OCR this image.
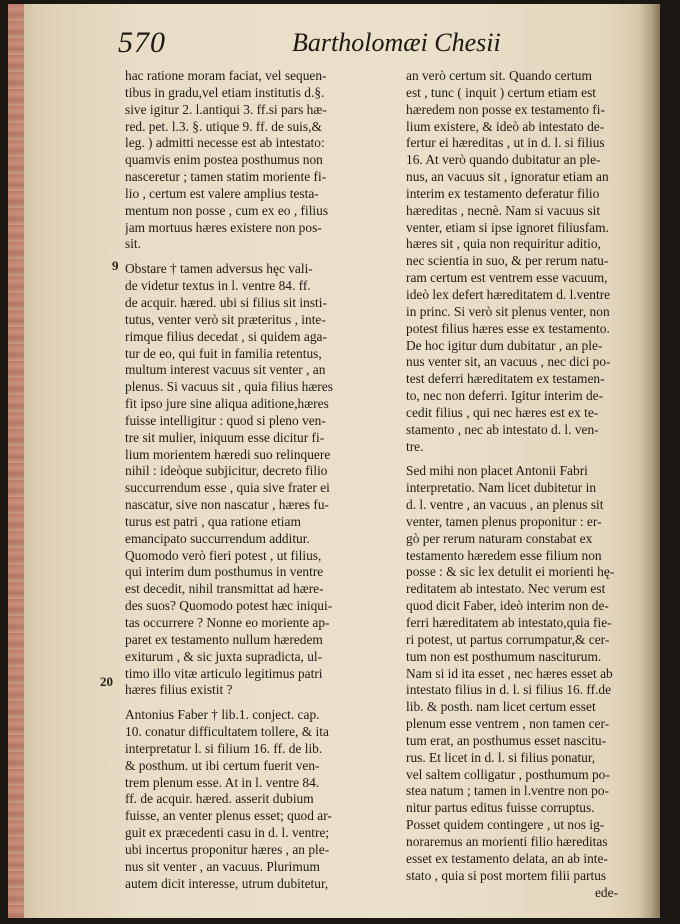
570	Bartholomæi Chesii
9
20
hac ratione moram faciat, vel sequen-
tibus in gradu,vel etiam institutis d.§.
sive igitur 2. l.antiqui 3. ff.si pars hæ-
red. pet. l.3. §. utique 9. ff. de suis,&
leg. ) admitti necesse est ab intestato:
quamvis enim postea posthumus non
nasceretur ; tamen statim moriente fi-
lio , certum est valere amplius testa-
mentum non posse , cum ex eo , filius
jam mortuus hæres existere non pos-
sit.
Obstare † tamen adversus hęc vali-
de videtur textus in l. ventre 84. ff.
de acquir. hæred. ubi si filius sit insti-
tutus, venter verò sit præteritus , inte-
rimque filius decedat , si quidem aga-
tur de eo, qui fuit in familia retentus,
multum interest vacuus sit venter , an
plenus. Si vacuus sit , quia filius hæres
fit ipso jure sine aliqua aditione,hæres
fuisse intelligitur : quod si pleno ven-
tre sit mulier, iniquum esse dicitur fi-
lium morientem hæredi suo relinquere
nihil : ideòque subjicitur, decreto filio
succurrendum esse , quia sive frater ei
nascatur, sive non nascatur , hæres fu-
turus est patri , qua ratione etiam
emancipato succurrendum additur.
Quomodo verò fieri potest , ut filius,
qui interim dum posthumus in ventre
est decedit, nihil transmittat ad hære-
des suos? Quomodo potest hæc iniqui-
tas occurrere ? Nonne eo moriente ap-
paret ex testamento nullum hæredem
exiturum , & sic juxta supradicta, ul-
timo illo vitæ articulo legitimus patri
hæres filius existit ?
Antonius Faber † lib.1. conject. cap.
10. conatur difficultatem tollere, & ita
interpretatur l. si filium 16. ff. de lib.
& posthum. ut ibi certum fuerit ven-
trem plenum esse. At in l. ventre 84.
ff. de acquir. hæred. asserit dubium
fuisse, an venter plenus esset; quod ar-
guit ex præcedenti casu in d. l. ventre;
ubi incertus proponitur hæres , an ple-
nus sit venter , an vacuus. Plurimum
autem dicit interesse, utrum dubitetur,
an verò certum sit. Quando certum
est , tunc ( inquit ) certum etiam est
hæredem non posse ex testamento fi-
lium existere, & ideò ab intestato de-
fertur ei hæreditas , ut in d. l. si filius
16. At verò quando dubitatur an ple-
nus, an vacuus sit , ignoratur etiam an
interim ex testamento deferatur filio
hæreditas , necnè. Nam si vacuus sit
venter, etiam si ipse ignoret filiusfam.
hæres sit , quia non requiritur aditio,
nec scientia in suo, & per rerum natu-
ram certum est ventrem esse vacuum,
ideò lex defert hæreditatem d. l.ventre
in princ. Si verò sit plenus venter, non
potest filius hæres esse ex testamento.
De hoc igitur dum dubitatur , an ple-
nus venter sit, an vacuus , nec dici po-
test deferri hæreditatem ex testamen-
to, nec non deferri. Igitur interim de-
cedit filius , qui nec hæres est ex te-
stamento , nec ab intestato d. l. ven-
tre.
Sed mihi non placet Antonii Fabri
interpretatio. Nam licet dubitetur in
d. l. ventre , an vacuus , an plenus sit
venter, tamen plenus proponitur : er-
gò per rerum naturam constabat ex
testamento hæredem esse filium non
posse : & sic lex detulit ei morienti hę-
reditatem ab intestato. Nec verum est
quod dicit Faber, ideò interim non de-
ferri hæreditatem ab intestato,quia fie-
ri potest, ut partus corrumpatur,& cer-
tum non est posthumum nasciturum.
Nam si id ita esset , nec hæres esset ab
intestato filius in d. l. si filius 16. ff.de
lib. & posth. nam licet certum esset
plenum esse ventrem , non tamen cer-
tum erat, an posthumus esset nascitu-
rus. Et licet in d. l. si filius ponatur,
vel saltem colligatur , posthumum po-
stea natum ; tamen in l.ventre non po-
nitur partus editus fuisse corruptus.
Posset quidem contingere , ut nos ig-
noraremus an morienti filio hæreditas
esset ex testamento delata, an ab inte-
stato , quia si post mortem filii partus
ede-
